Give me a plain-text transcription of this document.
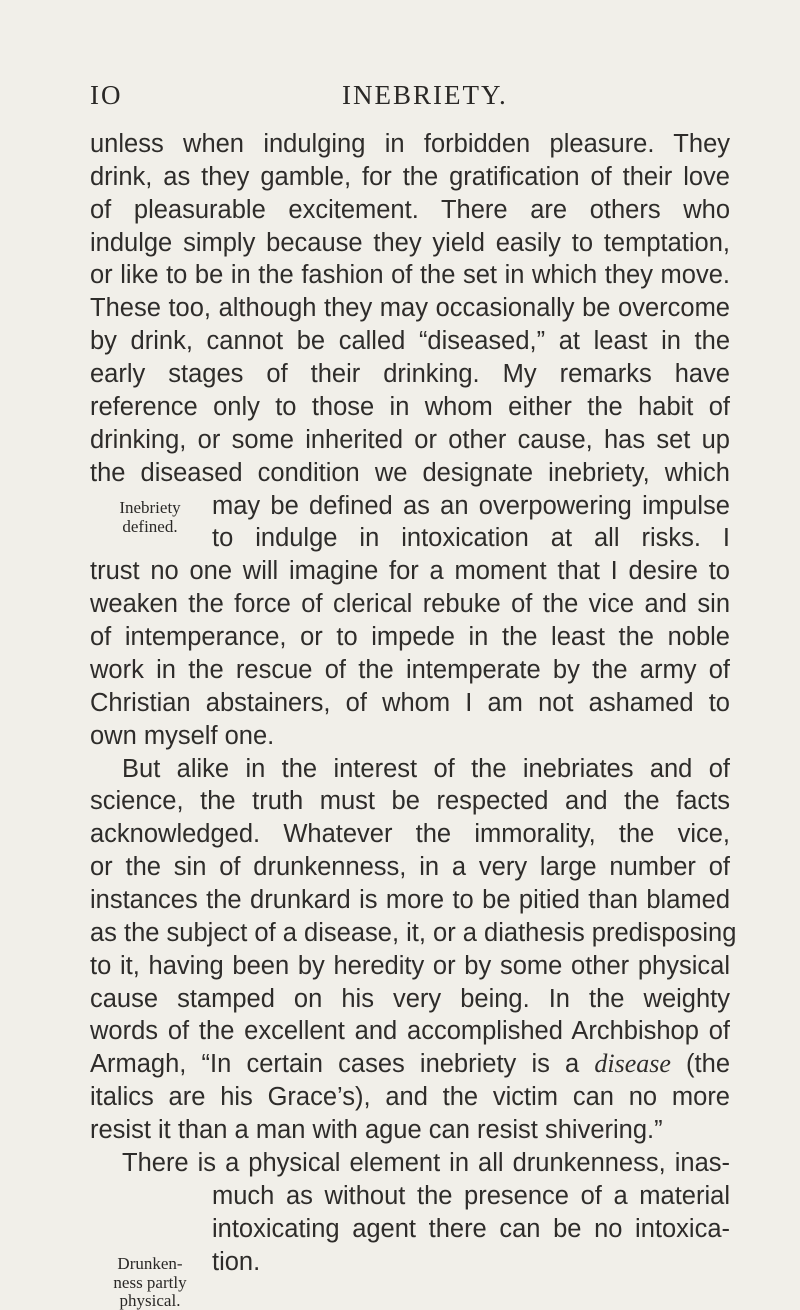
IO	INEBRIETY.
unless when indulging in forbidden pleasure. They
drink, as they gamble, for the gratification of their love
of pleasurable excitement. There are others who
indulge simply because they yield easily to temptation,
or like to be in the fashion of the set in which they move.
These too, although they may occasionally be overcome
by drink, cannot be called “diseased,” at least in the
early stages of their drinking. My remarks have
reference only to those in whom either the habit of
drinking, or some inherited or other cause, has set up
the diseased condition we designate inebriety, which
Inebriety
defined.
may be defined as an overpowering impulse
to indulge in intoxication at all risks. I
trust no one will imagine for a moment that I desire to
weaken the force of clerical rebuke of the vice and sin
of intemperance, or to impede in the least the noble
work in the rescue of the intemperate by the army of
Christian abstainers, of whom I am not ashamed to
own myself one.
But alike in the interest of the inebriates and of
science, the truth must be respected and the facts
acknowledged. Whatever the immorality, the vice,
or the sin of drunkenness, in a very large number of
instances the drunkard is more to be pitied than blamed
as the subject of a disease, it, or a diathesis predisposing
to it, having been by heredity or by some other physical
cause stamped on his very being. In the weighty
words of the excellent and accomplished Archbishop of
Armagh, “In certain cases inebriety is a disease (the
italics are his Grace’s), and the victim can no more
resist it than a man with ague can resist shivering.”
There is a physical element in all drunkenness, inas-
Drunken-
ness partly
physical.
much as without the presence of a material
intoxicating agent there can be no intoxica-
tion.
